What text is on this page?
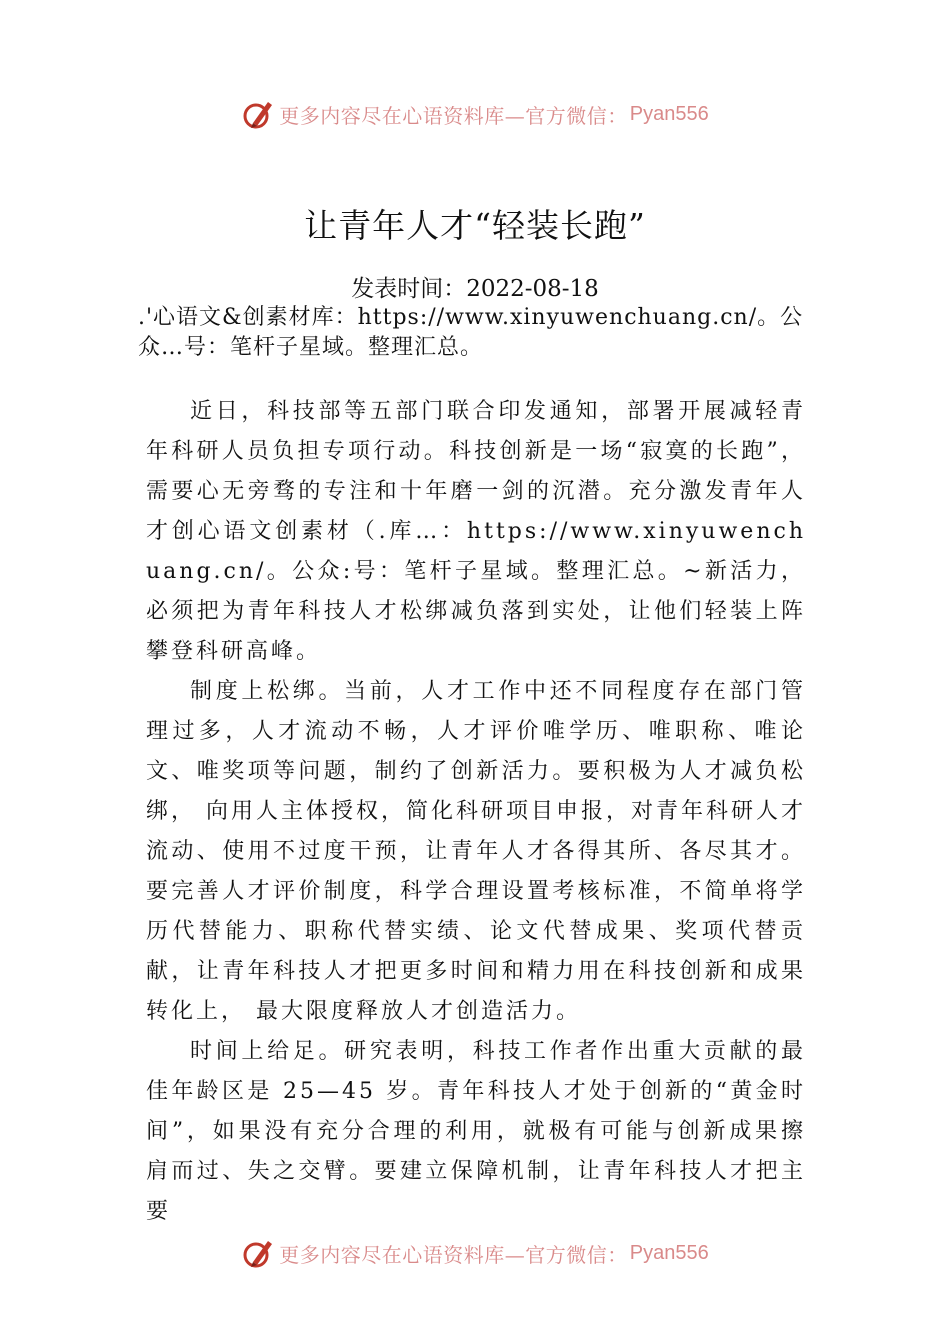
更多内容尽在心语资料库—官方微信： Pyan556
让青年人才“轻装长跑”
发表时间：2022-08-18
.'心语文&创素材库：https://www.xinyuwenchuang.cn/。公众…号：笔杆子星域。整理汇总。

近日，科技部等五部门联合印发通知，部署开展减轻青年科研人员负担专项行动。科技创新是一场“寂寞的长跑”，需要心无旁骛的专注和十年磨一剑的沉潜。充分激发青年人才创心语文创素材（.库…：https://www.xinyuwenchuang.cn/。公众:号：笔杆子星域。整理汇总。~新活力，必须把为青年科技人才松绑减负落到实处，让他们轻装上阵攀登科研高峰。

制度上松绑。当前，人才工作中还不同程度存在部门管理过多，人才流动不畅，人才评价唯学历、唯职称、唯论文、唯奖项等问题，制约了创新活力。要积极为人才减负松绑， 向用人主体授权，简化科研项目申报，对青年科研人才流动、使用不过度干预，让青年人才各得其所、各尽其才。要完善人才评价制度，科学合理设置考核标准，不简单将学历代替能力、职称代替实绩、论文代替成果、奖项代替贡献，让青年科技人才把更多时间和精力用在科技创新和成果转化上， 最大限度释放人才创造活力。

时间上给足。研究表明，科技工作者作出重大贡献的最佳年龄区是 25—45 岁。青年科技人才处于创新的“黄金时间”，如果没有充分合理的利用，就极有可能与创新成果擦肩而过、失之交臂。要建立保障机制，让青年科技人才把主要

更多内容尽在心语资料库—官方微信： Pyan556
